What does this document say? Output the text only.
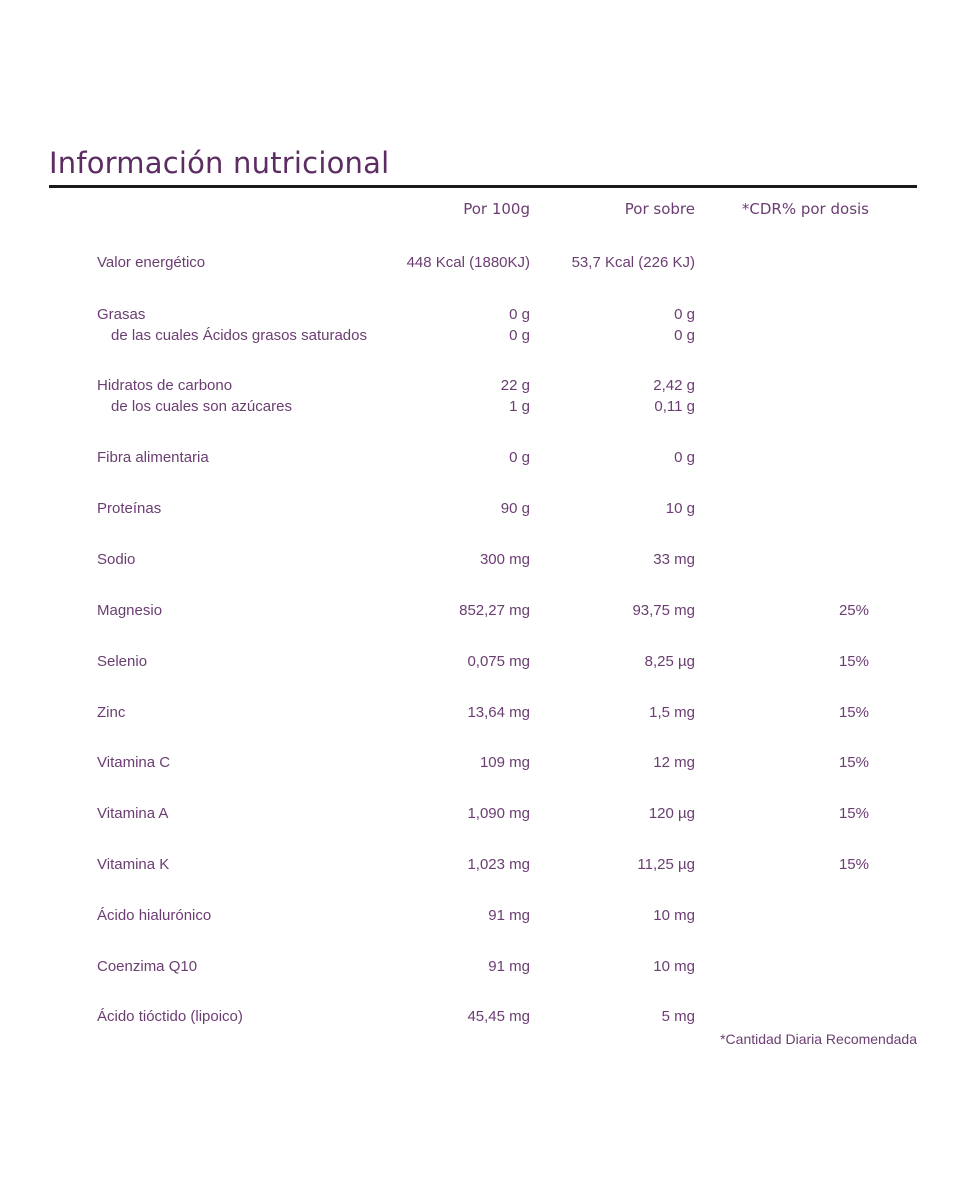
Información nutricional
Por 100g	Por sobre	*CDR% por dosis
Valor energético	448 Kcal (1880KJ)	53,7 Kcal (226 KJ)
Grasas	0 g	0 g
de las cuales Ácidos grasos saturados	0 g	0 g
Hidratos de carbono	22 g	2,42 g
de los cuales son azúcares	1 g	0,11 g
Fibra alimentaria	0 g	0 g
Proteínas	90 g	10 g
Sodio	300 mg	33 mg
Magnesio	852,27 mg	93,75 mg	25%
Selenio	0,075 mg	8,25 µg	15%
Zinc	13,64 mg	1,5 mg	15%
Vitamina C	109 mg	12 mg	15%
Vitamina A	1,090 mg	120 µg	15%
Vitamina K	1,023 mg	11,25 µg	15%
Ácido hialurónico	91 mg	10 mg
Coenzima Q10	91 mg	10 mg
Ácido tióctido (lipoico)	45,45 mg	5 mg
*Cantidad Diaria Recomendada
